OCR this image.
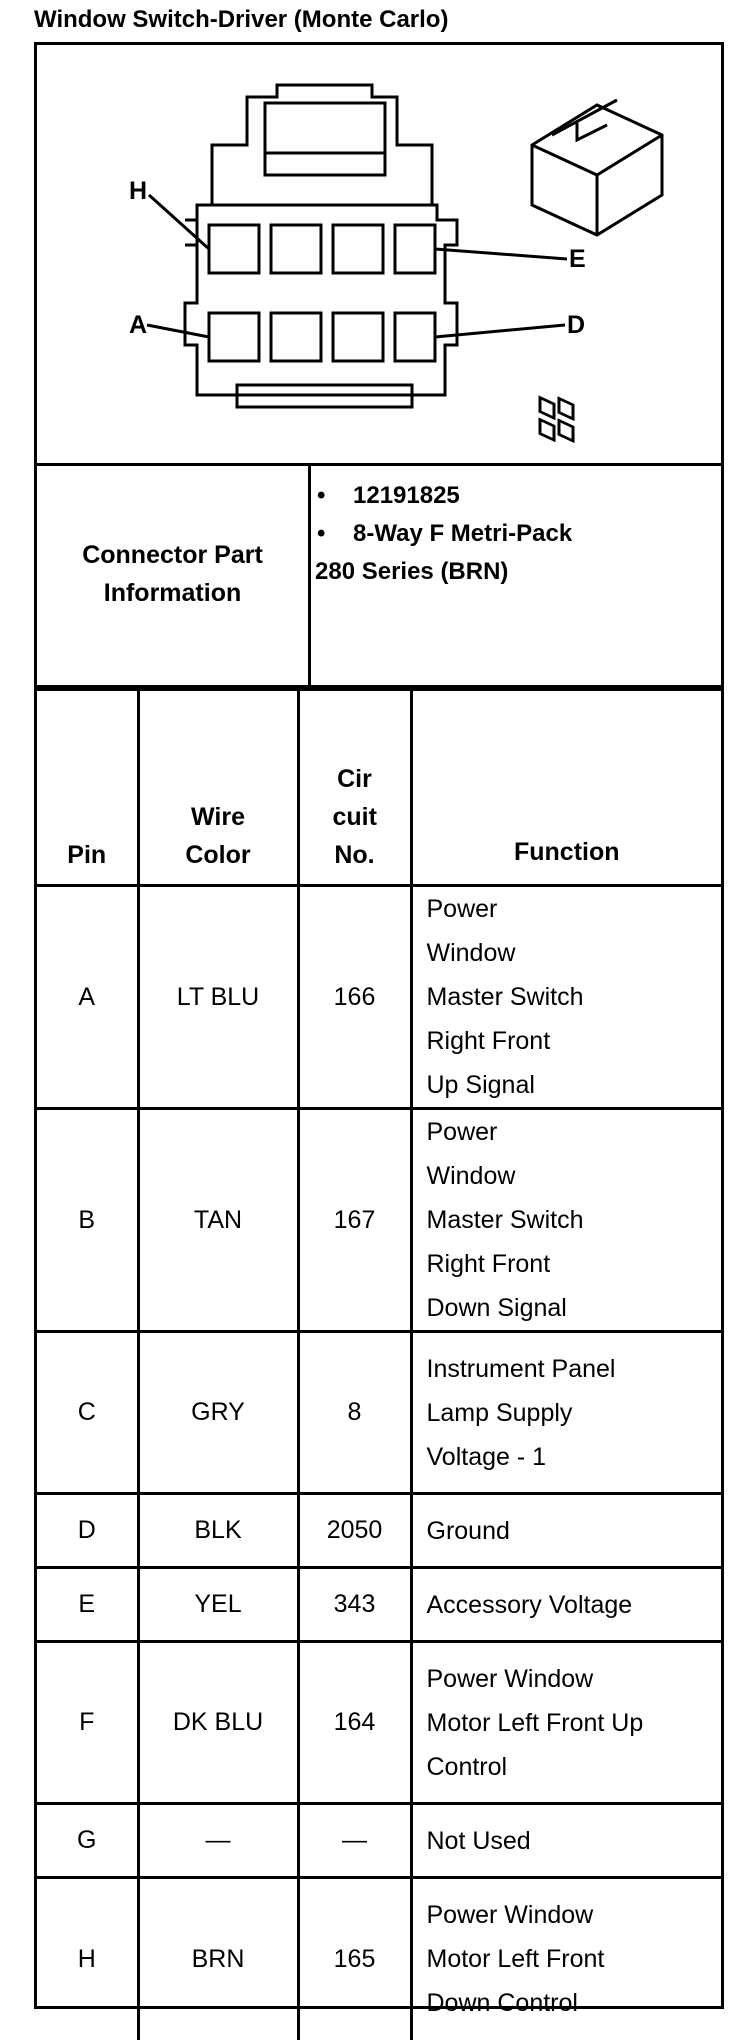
Window Switch-Driver (Monte Carlo)
H
A
E
D
Connector Part Information
• 12191825
• 8-Way F Metri-Pack
280 Series (BRN)
Pin	Wire Color	Cir cuit No.	Function
A	LT BLU	166	Power Window Master Switch Right Front Up Signal

B	TAN	167	Power Window Master Switch Right Front Down Signal

C	GRY	8	Instrument Panel Lamp Supply Voltage - 1

D	BLK	2050	Ground

E	YEL	343	Accessory Voltage

F	DK BLU	164	Power Window Motor Left Front Up Control

G	—	—	Not Used

H	BRN	165	Power Window Motor Left Front Down Control
